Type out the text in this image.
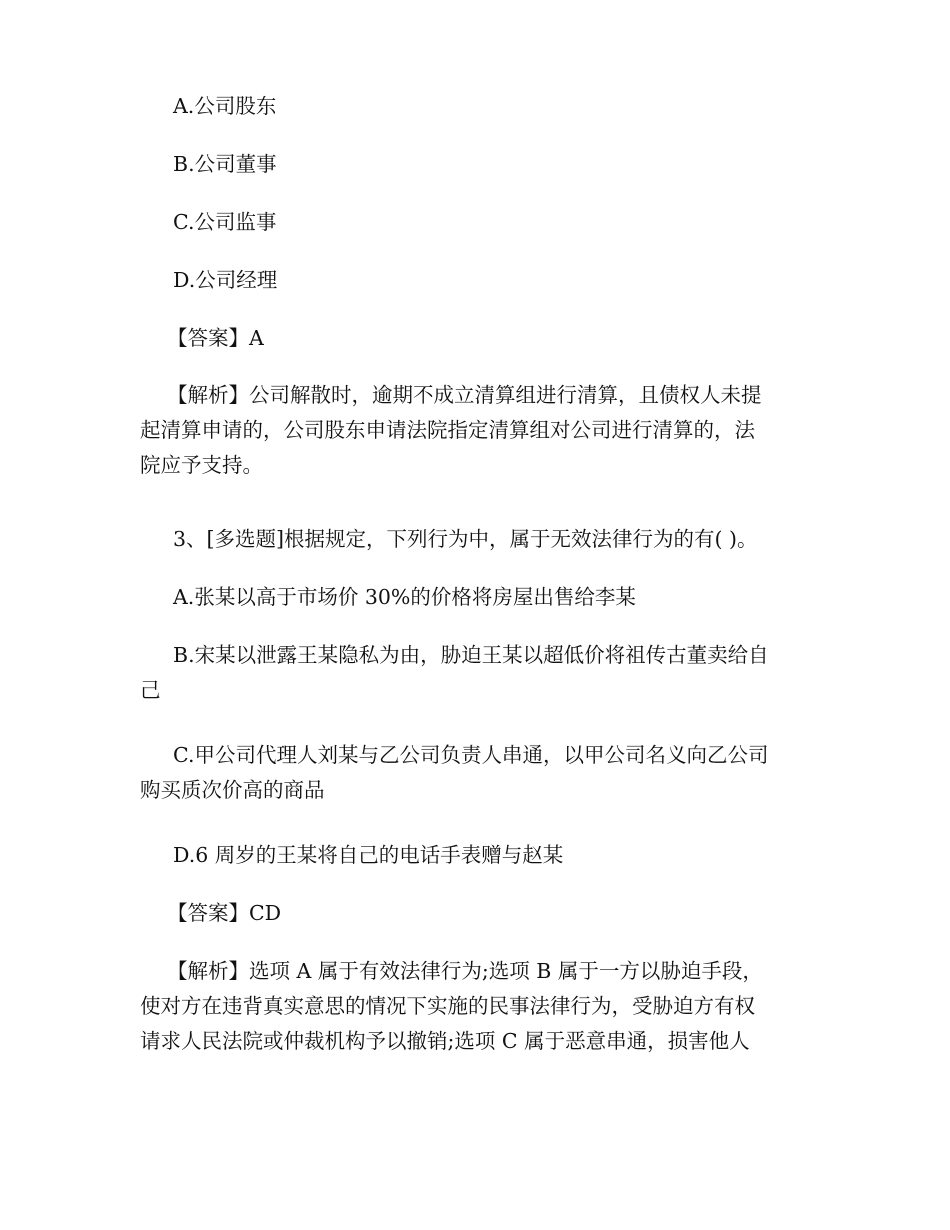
A.公司股东
B.公司董事
C.公司监事
D.公司经理
【答案】A
【解析】公司解散时，逾期不成立清算组进行清算，且债权人未提
起清算申请的，公司股东申请法院指定清算组对公司进行清算的，法
院应予支持。
3、[多选题]根据规定，下列行为中，属于无效法律行为的有( )。
A.张某以高于市场价 30%的价格将房屋出售给李某
B.宋某以泄露王某隐私为由，胁迫王某以超低价将祖传古董卖给自
己
C.甲公司代理人刘某与乙公司负责人串通，以甲公司名义向乙公司
购买质次价高的商品
D.6 周岁的王某将自己的电话手表赠与赵某
【答案】CD
【解析】选项 A 属于有效法律行为;选项 B 属于一方以胁迫手段，
使对方在违背真实意思的情况下实施的民事法律行为，受胁迫方有权
请求人民法院或仲裁机构予以撤销;选项 C 属于恶意串通，损害他人
